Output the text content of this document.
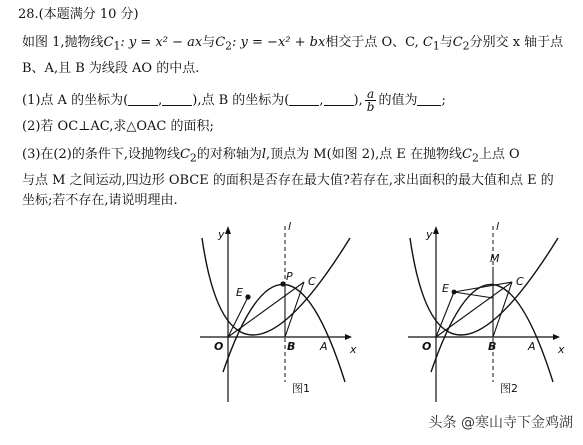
28.(本题满分 10 分)
如图 1,抛物线$C_1$: y = x² − ax与$C_2$: y = −x² + bx相交于点 O、C, $C_1$与$C_2$分别交 x 轴于点
B、A,且 B 为线段 AO 的中点.
(1)点 A 的坐标为( , ),点 B 的坐标为( , ), $\frac{a}{b}$ 的值为 ;
(2)若 OC⊥AC,求△OAC 的面积;
(3)在(2)的条件下,设抛物线$C_2$的对称轴为l,顶点为 M(如图 2),点 E 在抛物线$C_2$上点 O
与点 M 之间运动,四边形 OBCE 的面积是否存在最大值?若存在,求出面积的最大值和点 E 的
坐标;若不存在,请说明理由.
y
x
l
O	B A
E
P C
图1
y
x
l
M
O	B	A
E
C
图2
头条 @寒山寺下金鸡湖
